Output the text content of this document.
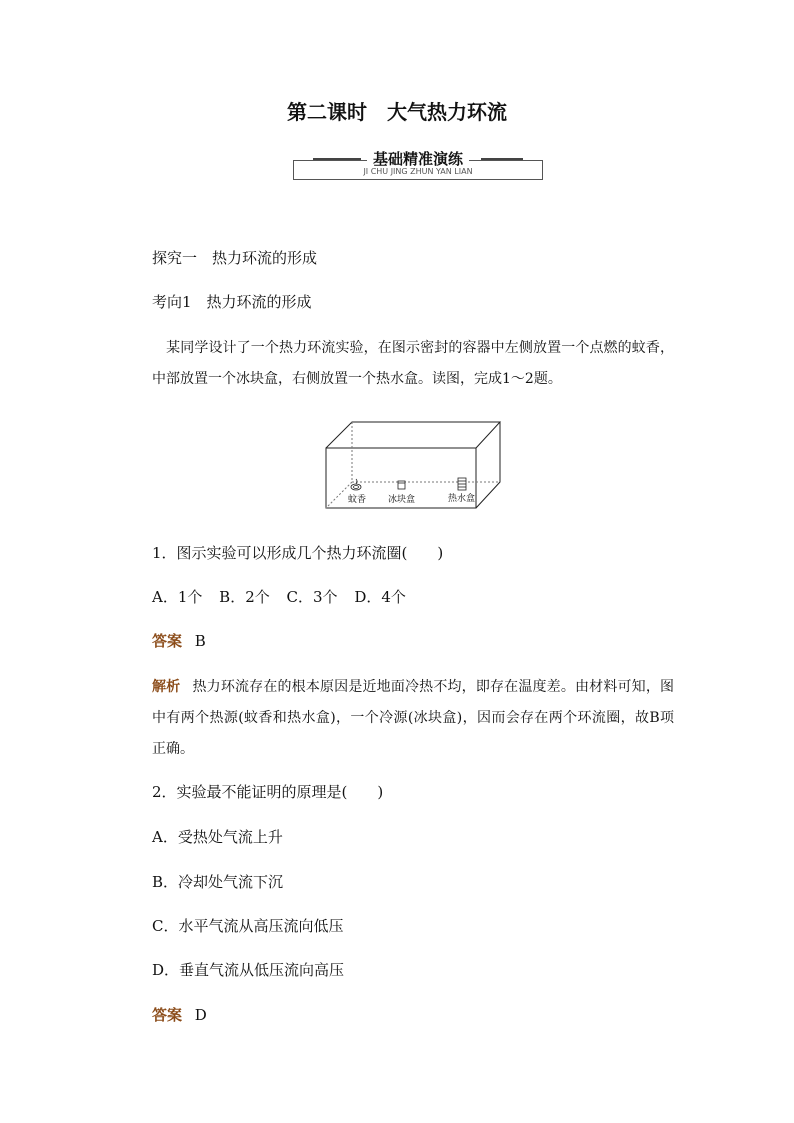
第二课时　大气热力环流
基础精准演练
JI CHU JING ZHUN YAN LIAN
探究一　热力环流的形成
考向1　热力环流的形成
某同学设计了一个热力环流实验，在图示密封的容器中左侧放置一个点燃的蚊香，中部放置一个冰块盒，右侧放置一个热水盒。读图，完成1～2题。
蚊香 冰块盒	热水盒
1．图示实验可以形成几个热力环流圈(　　)
A．1个 B．2个 C．3个 D．4个
答案 B
解析 热力环流存在的根本原因是近地面冷热不均，即存在温度差。由材料可知，图中有两个热源(蚊香和热水盒)，一个冷源(冰块盒)，因而会存在两个环流圈，故B项正确。
2．实验最不能证明的原理是(　　)
A．受热处气流上升
B．冷却处气流下沉
C．水平气流从高压流向低压
D．垂直气流从低压流向高压
答案 D
